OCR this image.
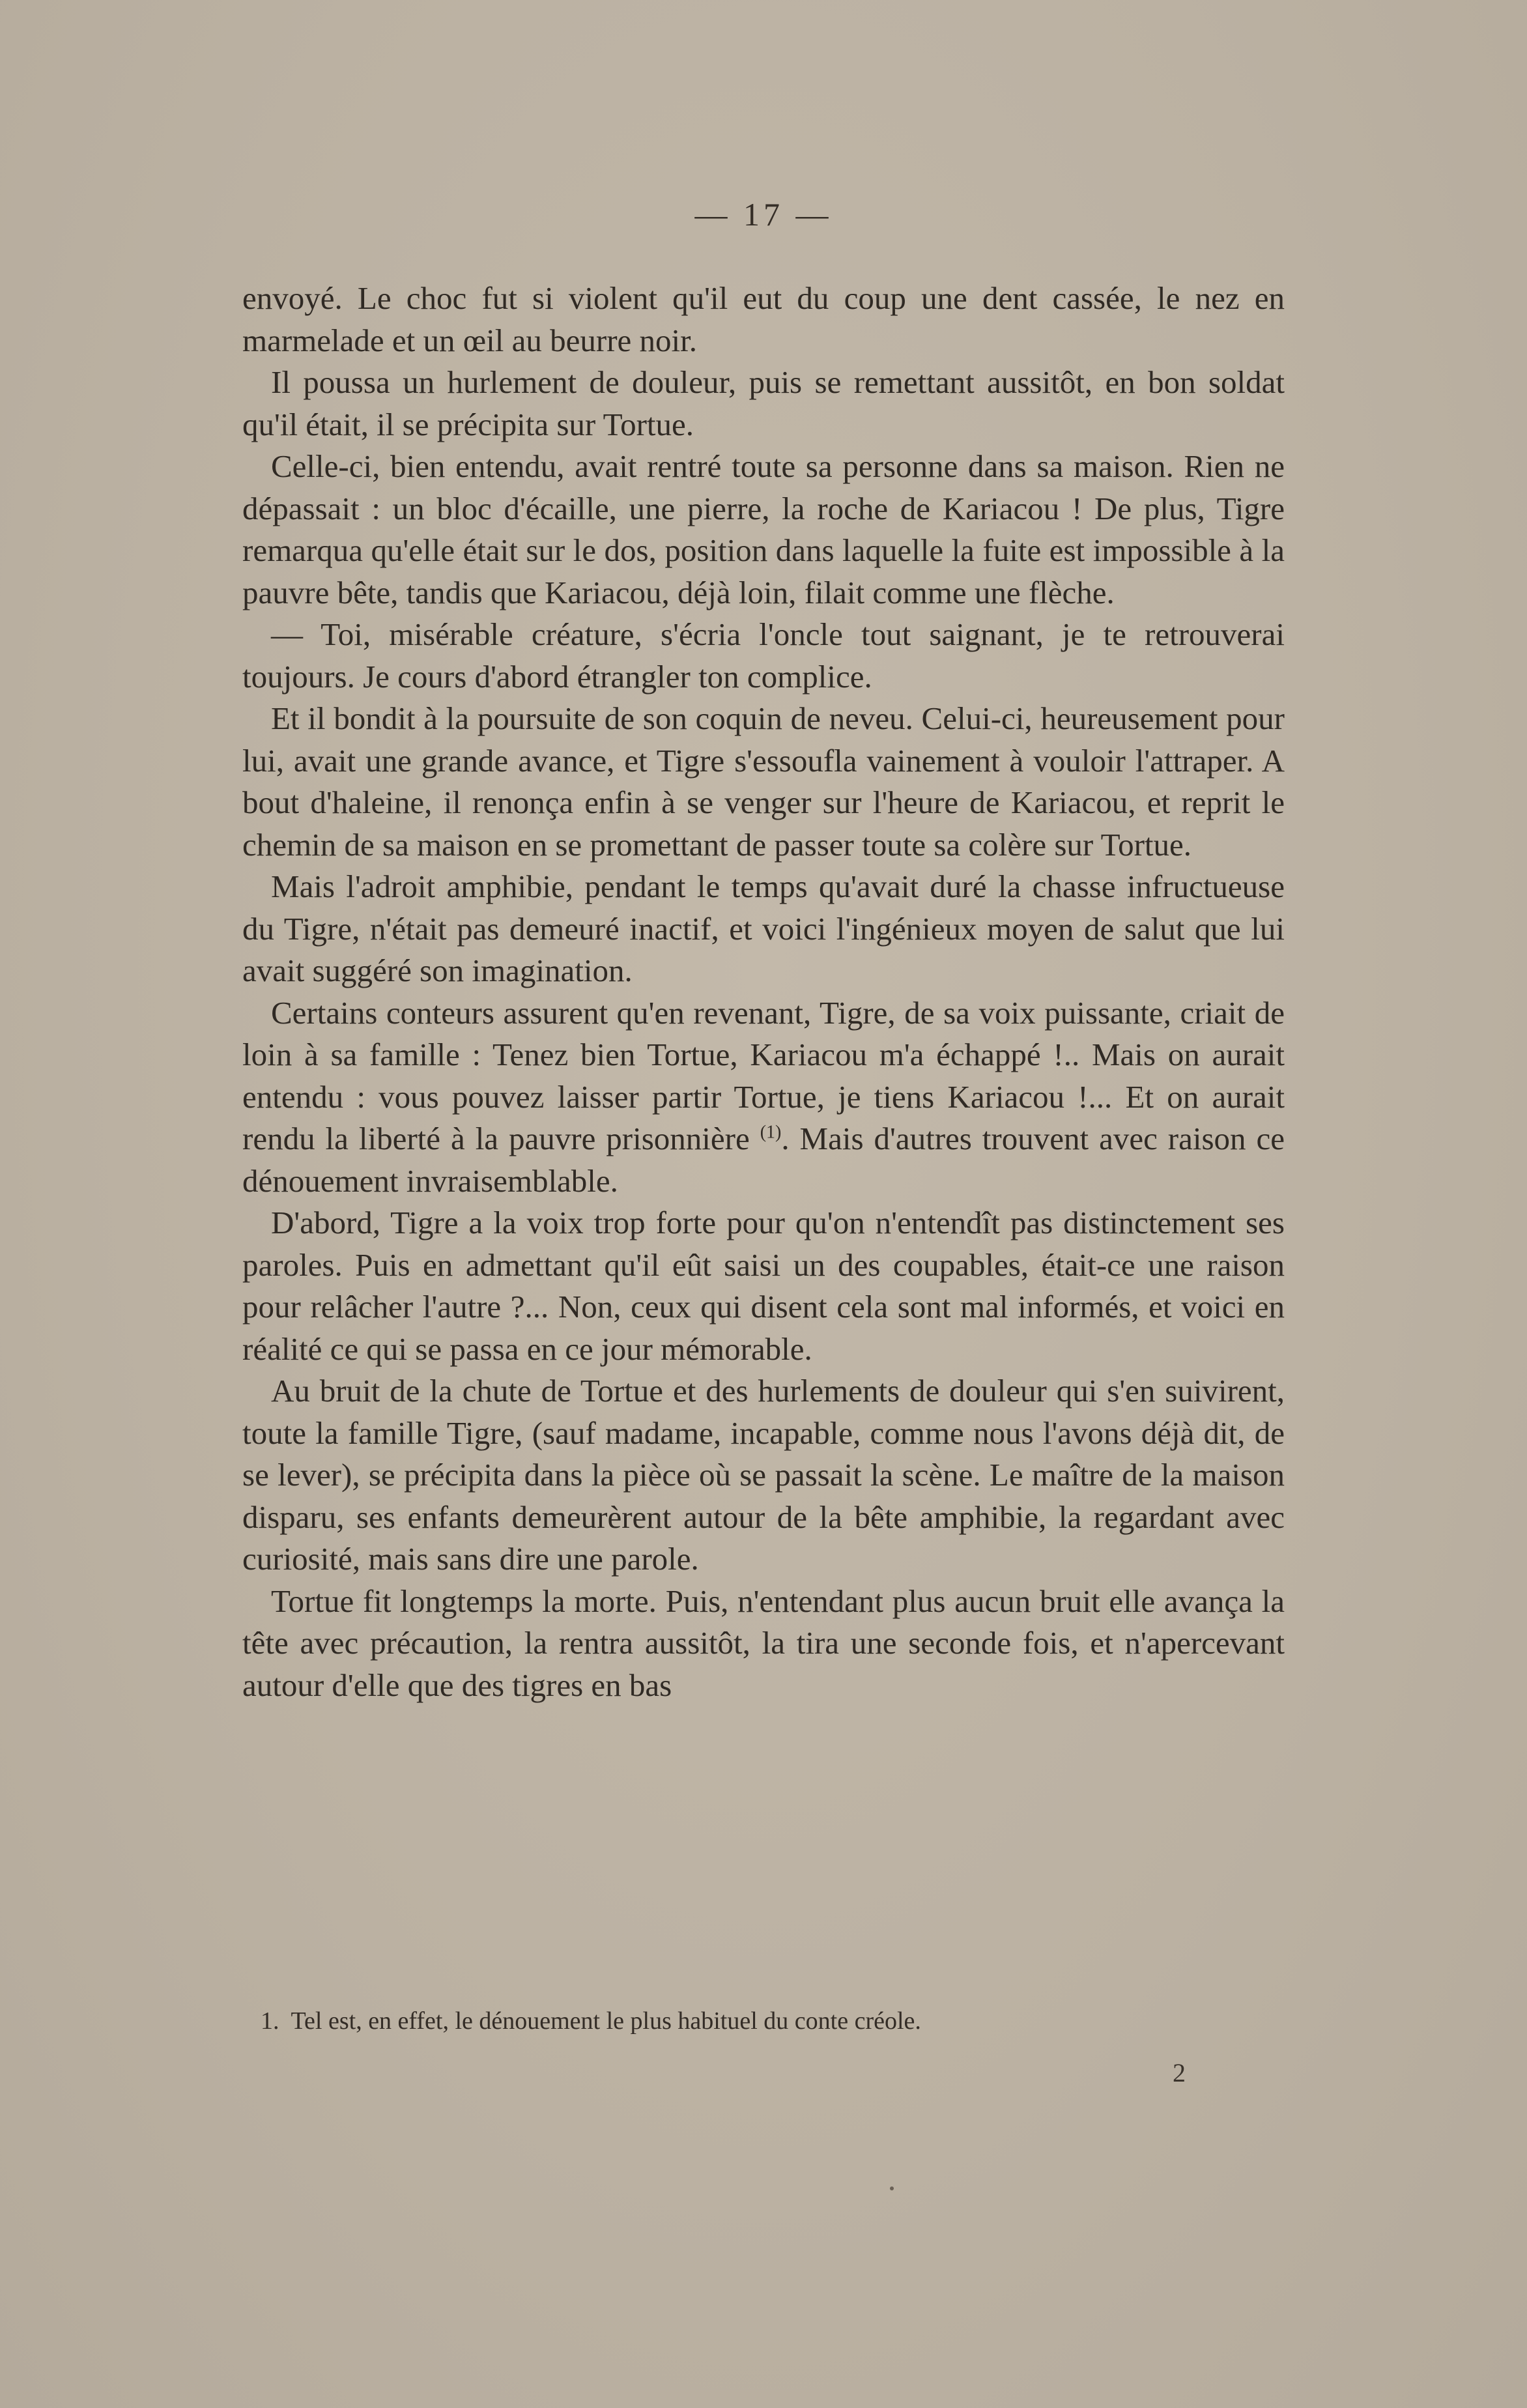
— 17 —

envoyé. Le choc fut si violent qu'il eut du coup une dent cassée, le nez en marmelade et un œil au beurre noir.

Il poussa un hurlement de douleur, puis se remettant aussitôt, en bon soldat qu'il était, il se précipita sur Tortue.

Celle-ci, bien entendu, avait rentré toute sa personne dans sa maison. Rien ne dépassait : un bloc d'écaille, une pierre, la roche de Kariacou ! De plus, Tigre remarqua qu'elle était sur le dos, position dans laquelle la fuite est impossible à la pauvre bête, tandis que Kariacou, déjà loin, filait comme une flèche.

— Toi, misérable créature, s'écria l'oncle tout saignant, je te retrouverai toujours. Je cours d'abord étrangler ton complice.

Et il bondit à la poursuite de son coquin de neveu. Celui-ci, heureusement pour lui, avait une grande avance, et Tigre s'essoufla vainement à vouloir l'attraper. A bout d'haleine, il renonça enfin à se venger sur l'heure de Kariacou, et reprit le chemin de sa maison en se promettant de passer toute sa colère sur Tortue.

Mais l'adroit amphibie, pendant le temps qu'avait duré la chasse infructueuse du Tigre, n'était pas demeuré inactif, et voici l'ingénieux moyen de salut que lui avait suggéré son imagination.

Certains conteurs assurent qu'en revenant, Tigre, de sa voix puissante, criait de loin à sa famille : Tenez bien Tortue, Kariacou m'a échappé !.. Mais on aurait entendu : vous pouvez laisser partir Tortue, je tiens Kariacou !... Et on aurait rendu la liberté à la pauvre prisonnière $^{(1)}$. Mais d'autres trouvent avec raison ce dénouement invraisemblable.

D'abord, Tigre a la voix trop forte pour qu'on n'entendît pas distinctement ses paroles. Puis en admettant qu'il eût saisi un des coupables, était-ce une raison pour relâcher l'autre ?... Non, ceux qui disent cela sont mal informés, et voici en réalité ce qui se passa en ce jour mémorable.

Au bruit de la chute de Tortue et des hurlements de douleur qui s'en suivirent, toute la famille Tigre, (sauf madame, incapable, comme nous l'avons déjà dit, de se lever), se précipita dans la pièce où se passait la scène. Le maître de la maison disparu, ses enfants demeurèrent autour de la bête amphibie, la regardant avec curiosité, mais sans dire une parole.

Tortue fit longtemps la morte. Puis, n'entendant plus aucun bruit elle avança la tête avec précaution, la rentra aussitôt, la tira une seconde fois, et n'apercevant autour d'elle que des tigres en bas

1. Tel est, en effet, le dénouement le plus habituel du conte créole.
2
